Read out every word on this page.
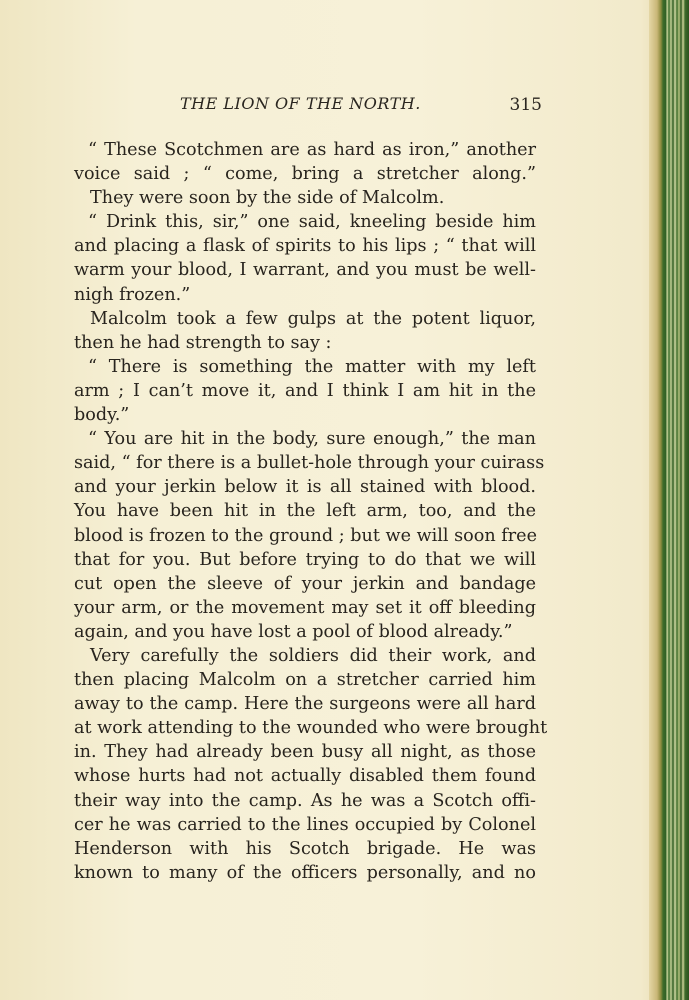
THE LION OF THE NORTH.	315
“ These Scotchmen are as hard as iron,” another
voice said ; “ come, bring a stretcher along.”
They were soon by the side of Malcolm.
“ Drink this, sir,” one said, kneeling beside him
and placing a flask of spirits to his lips ; “ that will
warm your blood, I warrant, and you must be well-
nigh frozen.”
Malcolm took a few gulps at the potent liquor,
then he had strength to say :
“ There is something the matter with my left
arm ; I can’t move it, and I think I am hit in the
body.”
“ You are hit in the body, sure enough,” the man
said, “ for there is a bullet-hole through your cuirass
and your jerkin below it is all stained with blood.
You have been hit in the left arm, too, and the
blood is frozen to the ground ; but we will soon free
that for you. But before trying to do that we will
cut open the sleeve of your jerkin and bandage
your arm, or the movement may set it off bleeding
again, and you have lost a pool of blood already.”
Very carefully the soldiers did their work, and
then placing Malcolm on a stretcher carried him
away to the camp. Here the surgeons were all hard
at work attending to the wounded who were brought
in. They had already been busy all night, as those
whose hurts had not actually disabled them found
their way into the camp. As he was a Scotch offi-
cer he was carried to the lines occupied by Colonel
Henderson with his Scotch brigade. He was
known to many of the officers personally, and no
